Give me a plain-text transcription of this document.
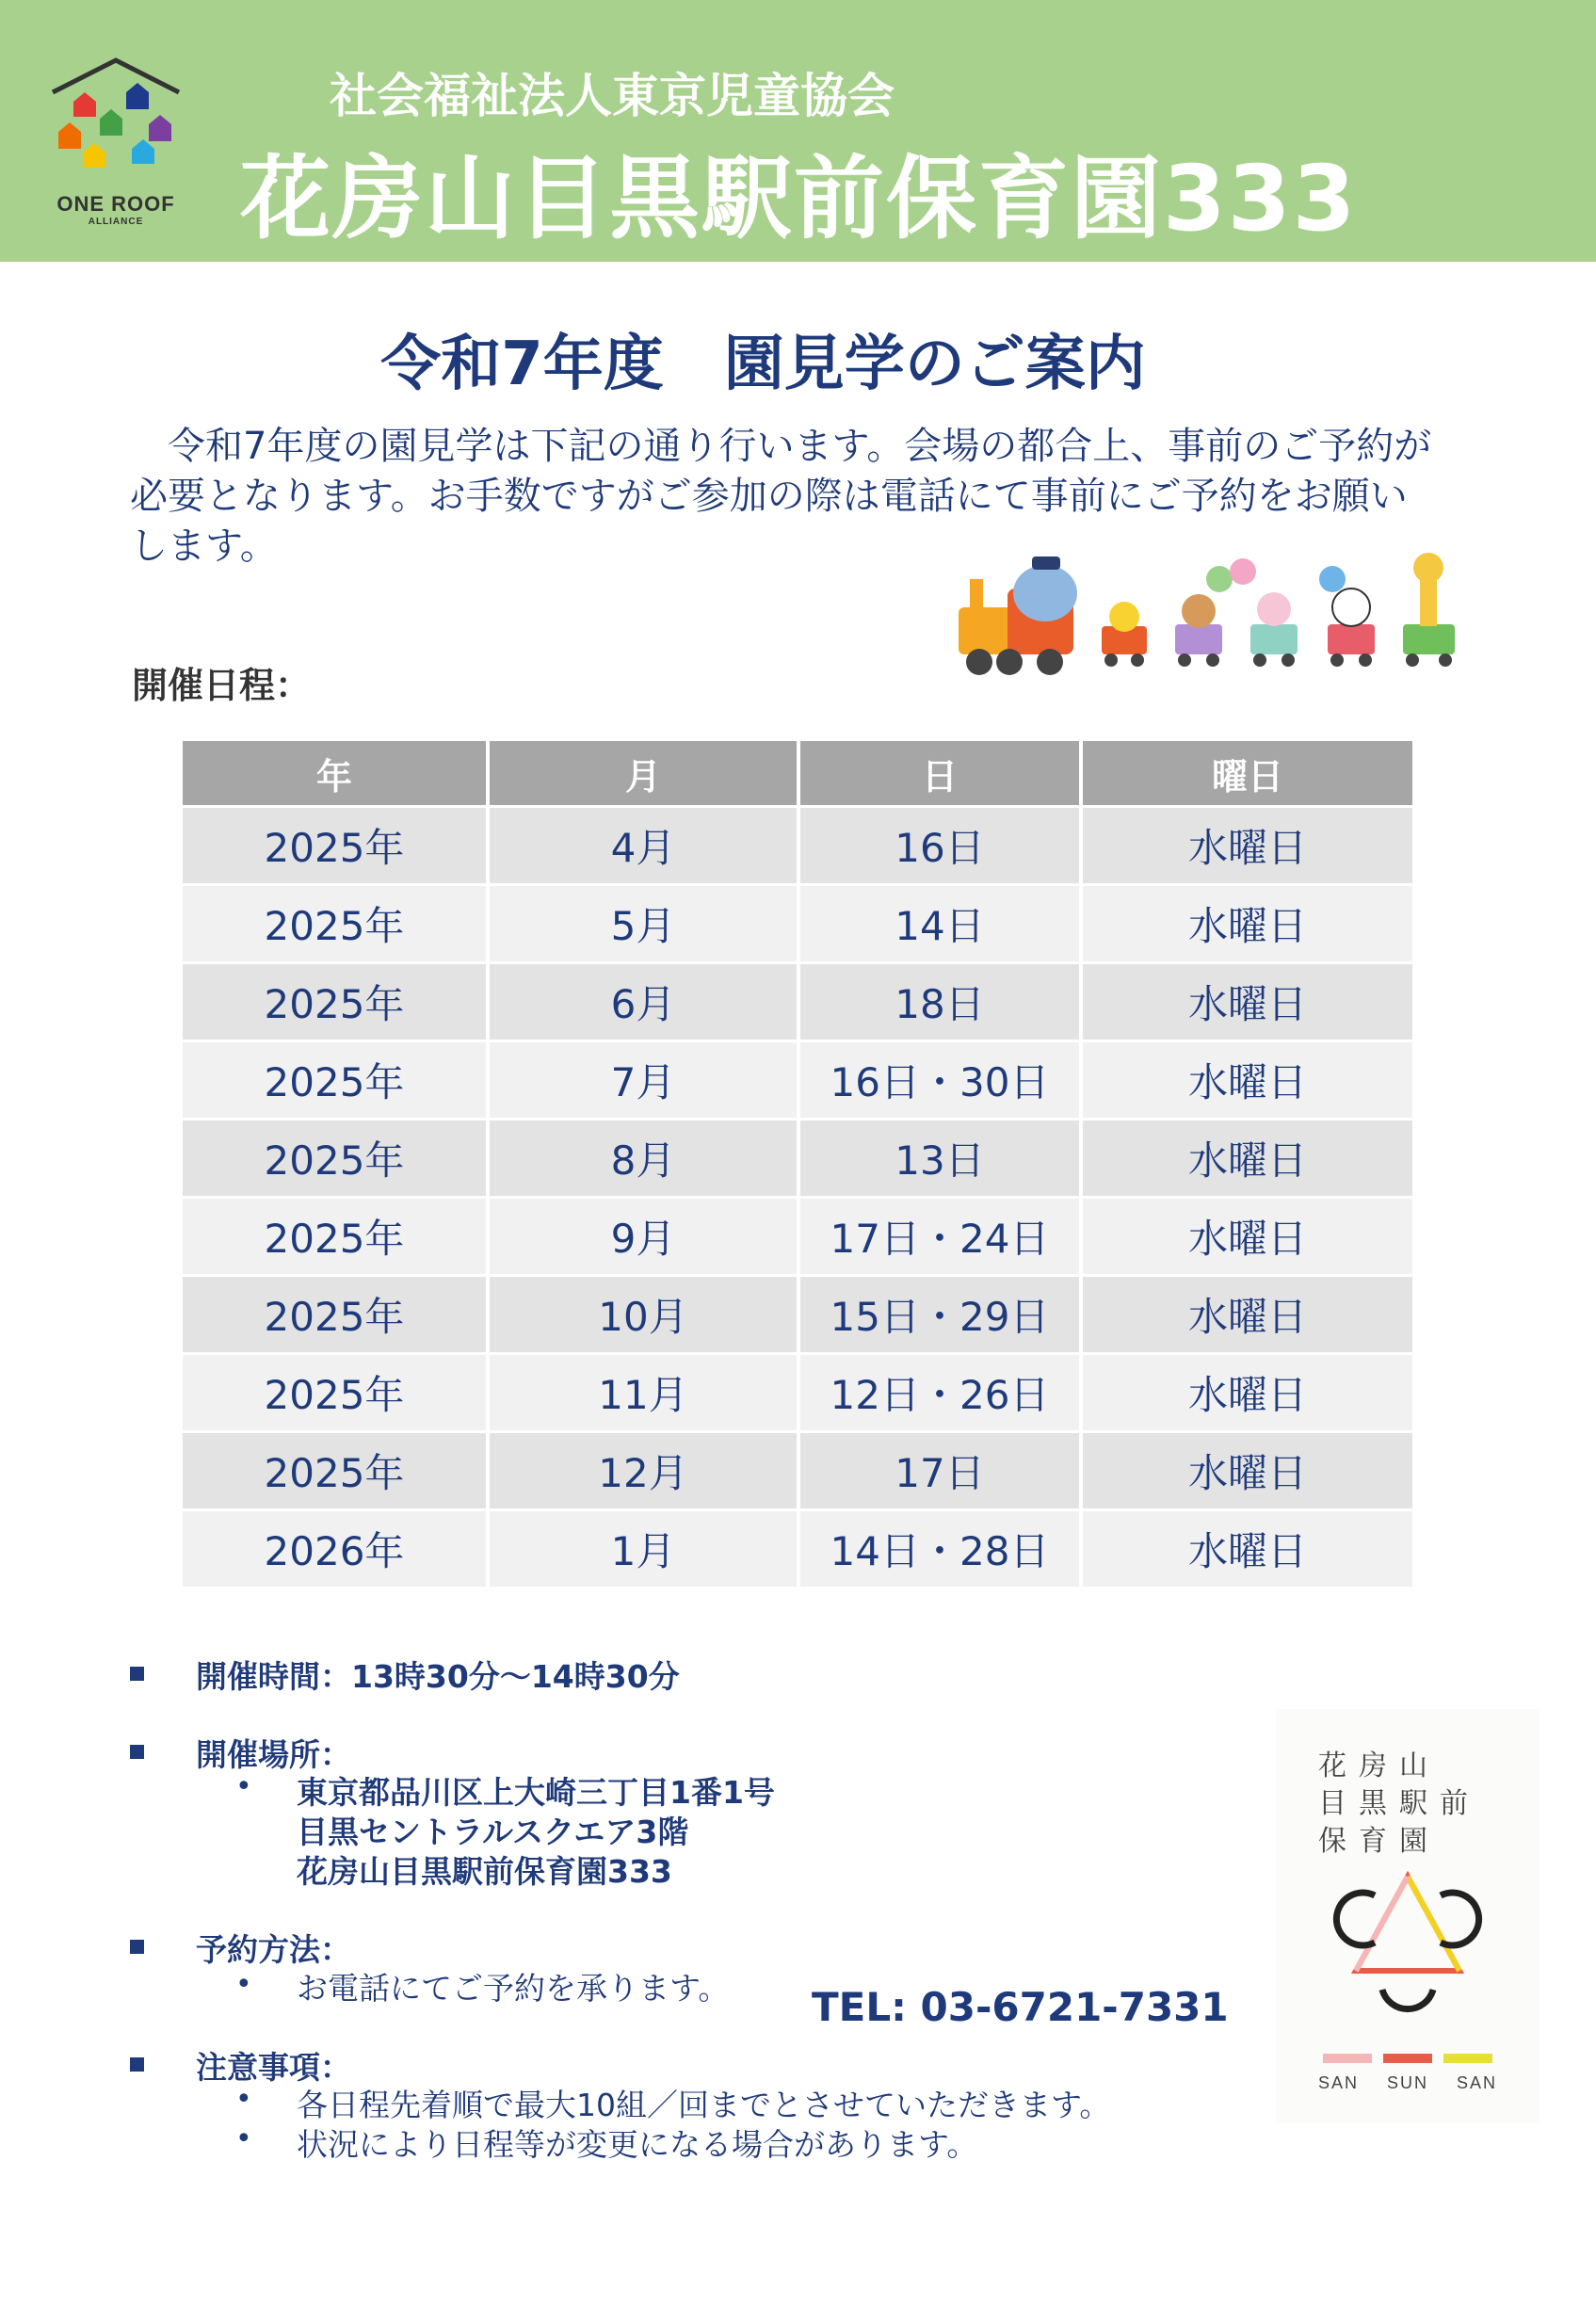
ONE ROOF
ALLIANCE
社会福祉法人東京児童協会
花房山目黒駅前保育園333
令和7年度　園見学のご案内
　令和7年度の園見学は下記の通り行います。会場の都合上、事前のご予約が必要となります。お手数ですがご参加の際は電話にて事前にご予約をお願いします。
開催日程：
年	月	日	曜日
2025年	4月	16日	水曜日
2025年	5月	14日	水曜日
2025年	6月	18日	水曜日
2025年	7月	16日・30日	水曜日
2025年	8月	13日	水曜日
2025年	9月	17日・24日	水曜日
2025年	10月	15日・29日	水曜日
2025年	11月	12日・26日	水曜日
2025年	12月	17日	水曜日
2026年	1月	14日・28日	水曜日
開催時間：13時30分～14時30分
開催場所：
• 東京都品川区上大崎三丁目1番1号
目黒セントラルスクエア3階
花房山目黒駅前保育園333
予約方法：
• お電話にてご予約を承ります。 TEL: 03-6721-7331
注意事項：
• 各日程先着順で最大10組／回までとさせていただきます。
• 状況により日程等が変更になる場合があります。
花房山
目黒駅前
保育園
SAN SUN SAN
